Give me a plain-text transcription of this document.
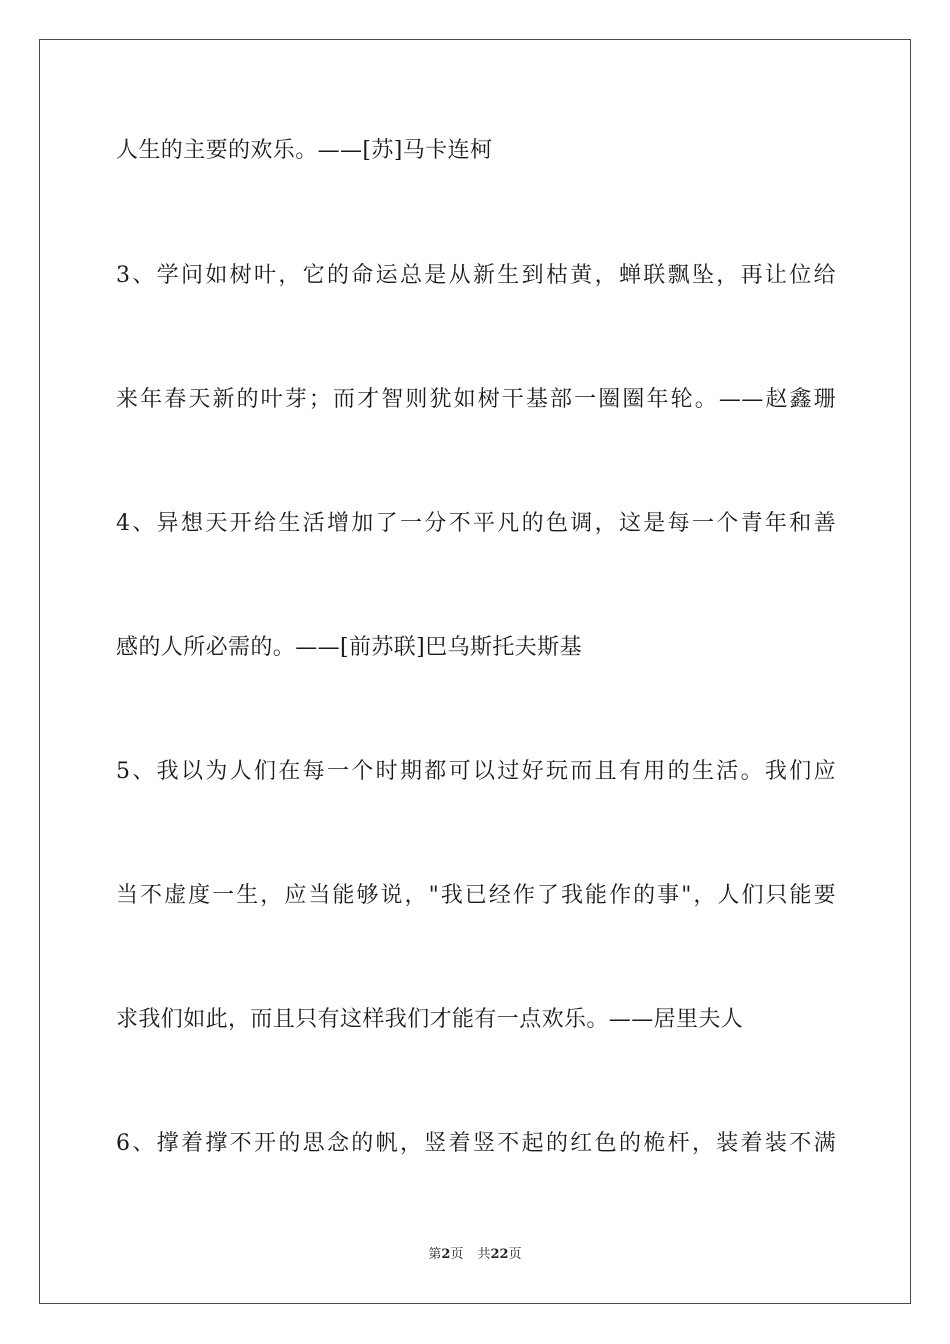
人生的主要的欢乐。——[苏]马卡连柯
3、学问如树叶，它的命运总是从新生到枯黄，蝉联飘坠，再让位给
来年春天新的叶芽；而才智则犹如树干基部一圈圈年轮。——赵鑫珊
4、异想天开给生活增加了一分不平凡的色调，这是每一个青年和善
感的人所必需的。——[前苏联]巴乌斯托夫斯基
5、我以为人们在每一个时期都可以过好玩而且有用的生活。我们应
当不虚度一生，应当能够说，"我已经作了我能作的事"，人们只能要
求我们如此，而且只有这样我们才能有一点欢乐。——居里夫人
6、撑着撑不开的思念的帆，竖着竖不起的红色的桅杆，装着装不满
第2页 共22页
